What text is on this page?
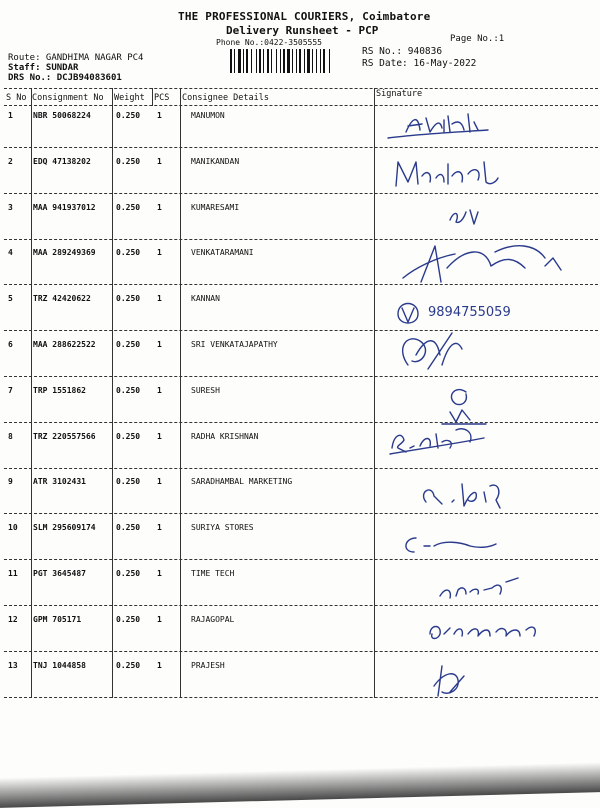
THE PROFESSIONAL COURIERS, Coimbatore
Delivery Runsheet - PCP
Phone No.:0422-3505555	Page No.:1
RS No.: 940836
RS Date: 16-May-2022
Route: GANDHIMA NAGAR PC4
Staff: SUNDAR
DRS No.: DCJB94083601
S No Consignment No Weight PCS Consignee Details	Signature
1	NBR 50068224	0.250 1	MANUMON
2	EDQ 47138202	0.250 1	MANIKANDAN
3	MAA 941937012	0.250 1	KUMARESAMI
4	MAA 289249369	0.250 1	VENKATARAMANI
5	TRZ 42420622	0.250 1	KANNAN
6	MAA 288622522	0.250 1	SRI VENKATAJAPATHY
7	TRP 1551862	0.250 1	SURESH
8	TRZ 220557566	0.250 1	RADHA KRISHNAN
9	ATR 3102431	0.250 1	SARADHAMBAL MARKETING
10 SLM 295609174	0.250 1	SURIYA STORES
11 PGT 3645487	0.250 1	TIME TECH
12 GPM 705171	0.250 1	RAJAGOPAL
13 TNJ 1044858	0.250 1	PRAJESH
9894755059
